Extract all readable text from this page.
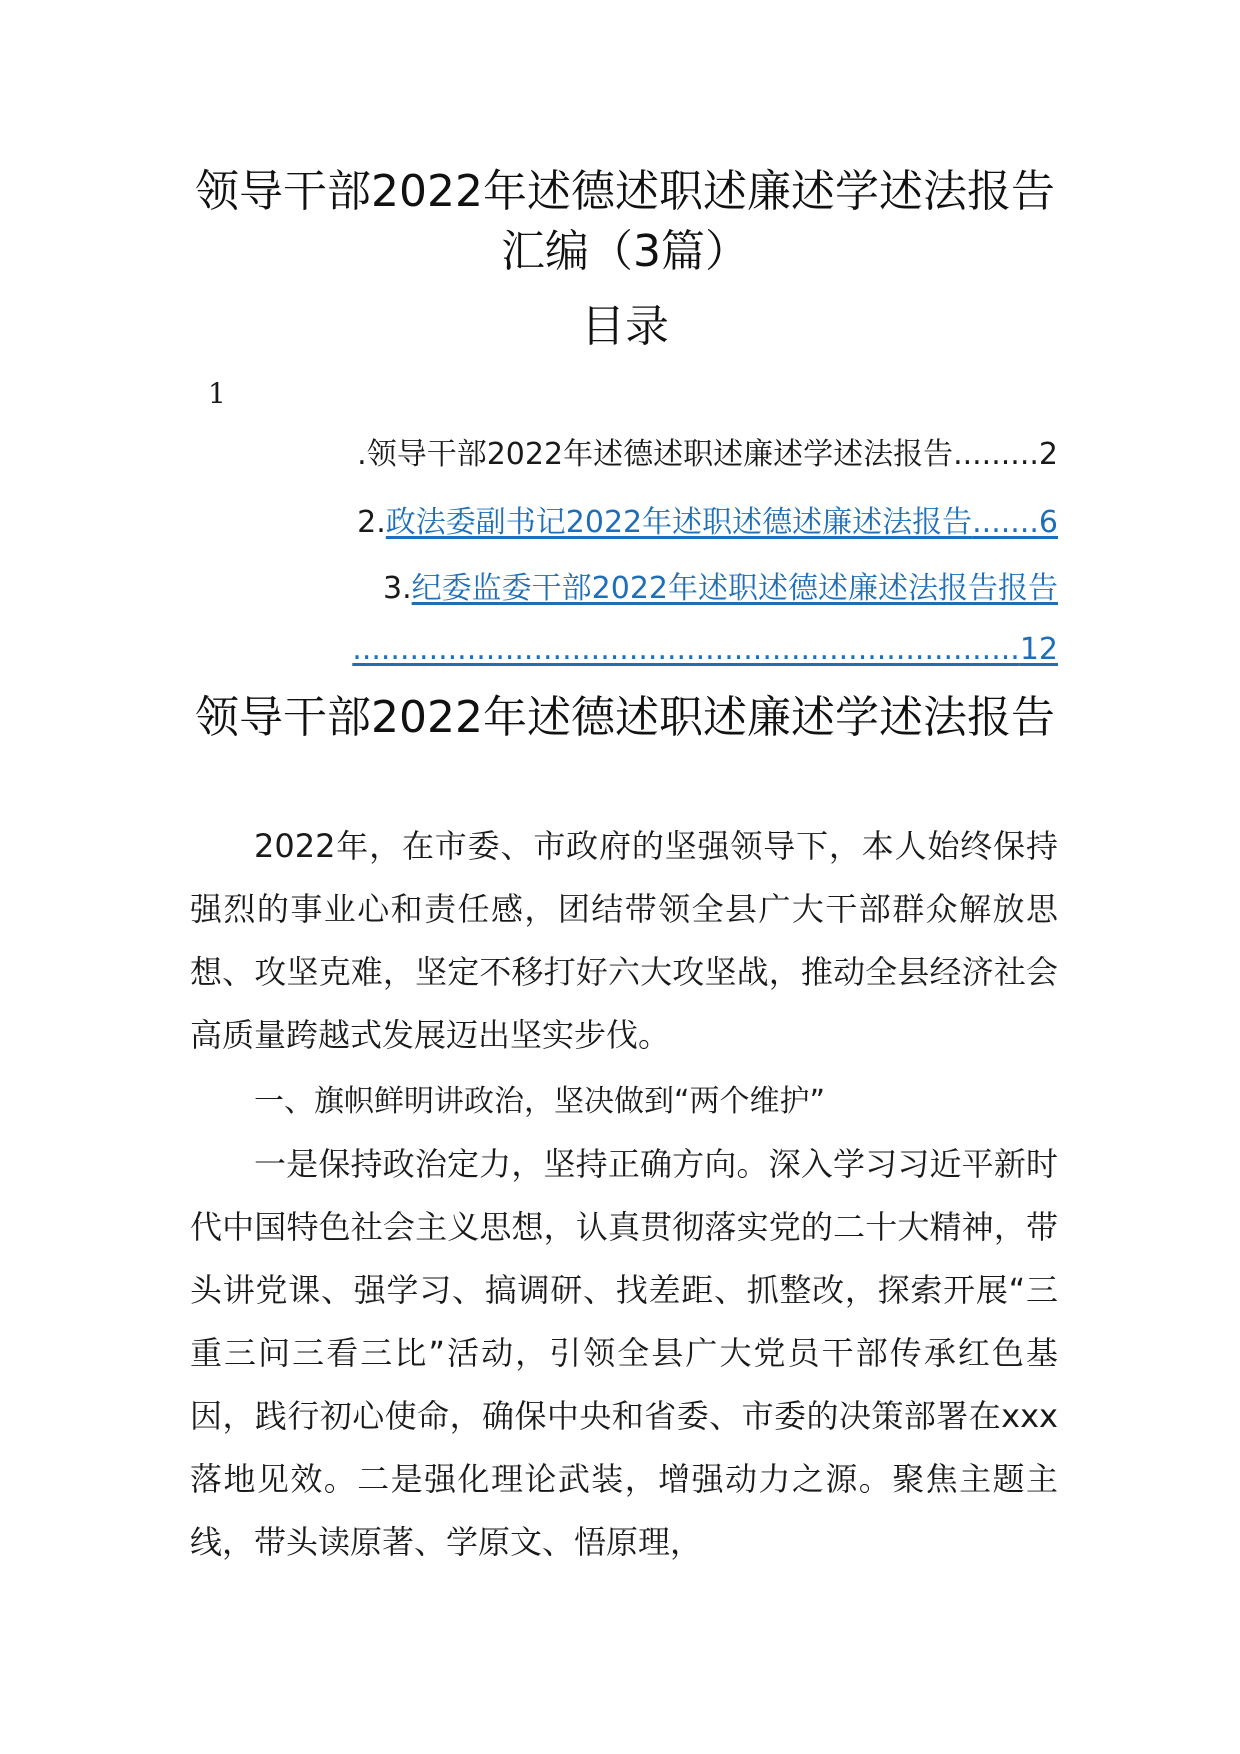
领导干部2022年述德述职述廉述学述法报告汇编（3篇）
目录
1
.领导干部2022年述德述职述廉述学述法报告.........2
2.政法委副书记2022年述职述德述廉述法报告.......6
3.纪委监委干部2022年述职述德述廉述法报告报告
......................................................................12
领导干部2022年述德述职述廉述学述法报告

2022年，在市委、市政府的坚强领导下，本人始终保持强烈的事业心和责任感，团结带领全县广大干部群众解放思想、攻坚克难，坚定不移打好六大攻坚战，推动全县经济社会高质量跨越式发展迈出坚实步伐。

一、旗帜鲜明讲政治，坚决做到“两个维护”

一是保持政治定力，坚持正确方向。深入学习习近平新时代中国特色社会主义思想，认真贯彻落实党的二十大精神，带头讲党课、强学习、搞调研、找差距、抓整改，探索开展“三重三问三看三比”活动，引领全县广大党员干部传承红色基因，践行初心使命，确保中央和省委、市委的决策部署在xxx落地见效。二是强化理论武装，增强动力之源。聚焦主题主线，带头读原著、学原文、悟原理，
